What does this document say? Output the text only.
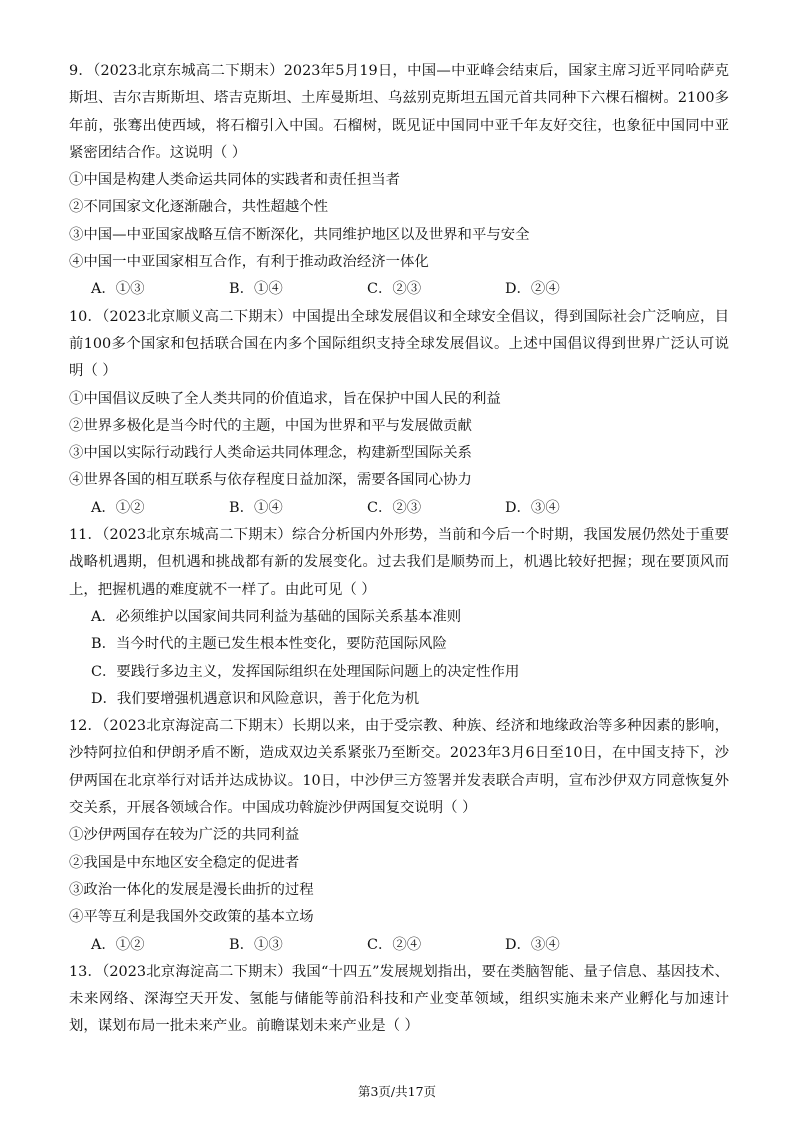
9．（2023北京东城高二下期末）2023年5月19日，中国—中亚峰会结束后，国家主席习近平同哈萨克斯坦、吉尔吉斯斯坦、塔吉克斯坦、土库曼斯坦、乌兹别克斯坦五国元首共同种下六棵石榴树。2100多年前，张骞出使西域，将石榴引入中国。石榴树，既见证中国同中亚千年友好交往，也象征中国同中亚紧密团结合作。这说明（ ）

①中国是构建人类命运共同体的实践者和责任担当者

②不同国家文化逐渐融合，共性超越个性

③中国—中亚国家战略互信不断深化，共同维护地区以及世界和平与安全

④中国一中亚国家相互合作，有利于推动政治经济一体化

A．①③	B．①④	C．②③	D．②④

10．（2023北京顺义高二下期末）中国提出全球发展倡议和全球安全倡议，得到国际社会广泛响应，目前100多个国家和包括联合国在内多个国际组织支持全球发展倡议。上述中国倡议得到世界广泛认可说明（ ）

①中国倡议反映了全人类共同的价值追求，旨在保护中国人民的利益

②世界多极化是当今时代的主题，中国为世界和平与发展做贡献

③中国以实际行动践行人类命运共同体理念，构建新型国际关系

④世界各国的相互联系与依存程度日益加深，需要各国同心协力

A．①②	B．①④	C．②③	D．③④

11．（2023北京东城高二下期末）综合分析国内外形势，当前和今后一个时期，我国发展仍然处于重要战略机遇期，但机遇和挑战都有新的发展变化。过去我们是顺势而上，机遇比较好把握；现在要顶风而上，把握机遇的难度就不一样了。由此可见（ ）

A．必须维护以国家间共同利益为基础的国际关系基本准则

B．当今时代的主题已发生根本性变化，要防范国际风险

C．要践行多边主义，发挥国际组织在处理国际问题上的决定性作用

D．我们要增强机遇意识和风险意识，善于化危为机

12．（2023北京海淀高二下期末）长期以来，由于受宗教、种族、经济和地缘政治等多种因素的影响，沙特阿拉伯和伊朗矛盾不断，造成双边关系紧张乃至断交。2023年3月6日至10日，在中国支持下，沙伊两国在北京举行对话并达成协议。10日，中沙伊三方签署并发表联合声明，宣布沙伊双方同意恢复外交关系，开展各领域合作。中国成功斡旋沙伊两国复交说明（ ）

①沙伊两国存在较为广泛的共同利益

②我国是中东地区安全稳定的促进者

③政治一体化的发展是漫长曲折的过程

④平等互利是我国外交政策的基本立场

A．①②	B．①③	C．②④	D．③④

13．（2023北京海淀高二下期末）我国“十四五”发展规划指出，要在类脑智能、量子信息、基因技术、未来网络、深海空天开发、氢能与储能等前沿科技和产业变革领域，组织实施未来产业孵化与加速计划，谋划布局一批未来产业。前瞻谋划未来产业是（ ）

第3页/共17页
